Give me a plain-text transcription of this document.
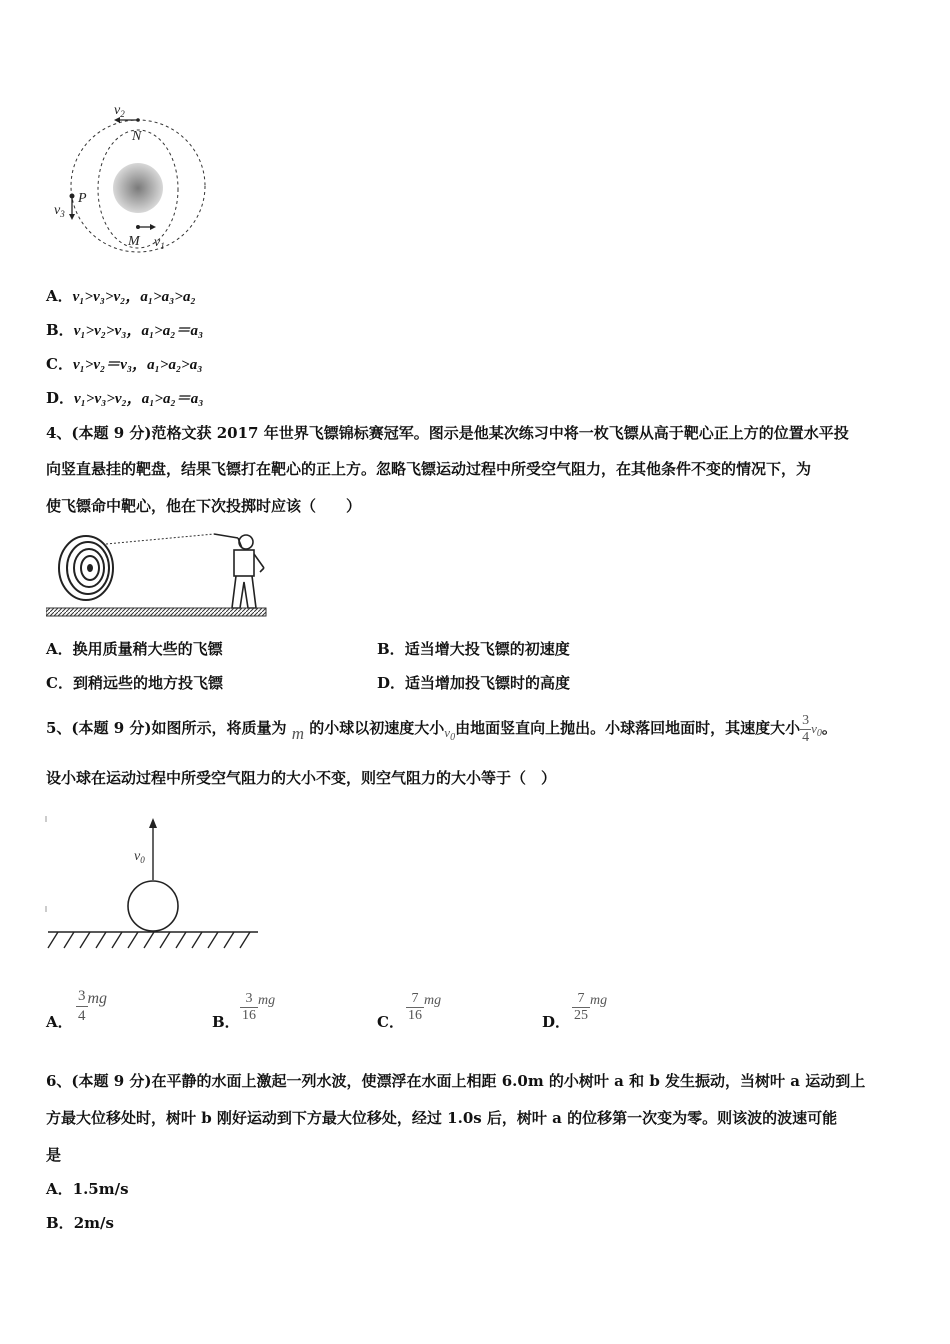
$v_2$
N
P
$v_3$
M $v_1$
A．v₁>v₃>v₂，a₁>a₃>a₂
B．v₁>v₂>v₃，a₁>a₂＝a₃
C．v₁>v₂＝v₃，a₁>a₂>a₃
D．v₁>v₃>v₂，a₁>a₂＝a₃
4、(本题 9 分)范格文获 2017 年世界飞镖锦标赛冠军。图示是他某次练习中将一枚飞镖从高于靶心正上方的位置水平投
向竖直悬挂的靶盘，结果飞镖打在靶心的正上方。忽略飞镖运动过程中所受空气阻力，在其他条件不变的情况下，为
使飞镖命中靶心，他在下次投掷时应该（　　）
A．换用质量稍大些的飞镖	B．适当增大投飞镖的初速度
C．到稍远些的地方投飞镖	D．适当增加投飞镖时的高度
5、(本题 9 分)如图所示，将质量为 m 的小球以初速度大小$v_0$由地面竖直向上抛出。小球落回地面时，其速度大小 $\frac{3}{4} v_0$。
设小球在运动过程中所受空气阻力的大小不变，则空气阻力的大小等于（　）
$v_0$
A． $\frac{3}{4}$ mg
B． $\frac{3}{16}$ mg
C． $\frac{7}{16}$ mg
D． $\frac{7}{25}$ mg
6、(本题 9 分)在平静的水面上激起一列水波，使漂浮在水面上相距 6.0m 的小树叶 a 和 b 发生振动，当树叶 a 运动到上
方最大位移处时，树叶 b 刚好运动到下方最大位移处，经过 1.0s 后，树叶 a 的位移第一次变为零。则该波的波速可能
是
A．1.5m/s
B．2m/s
